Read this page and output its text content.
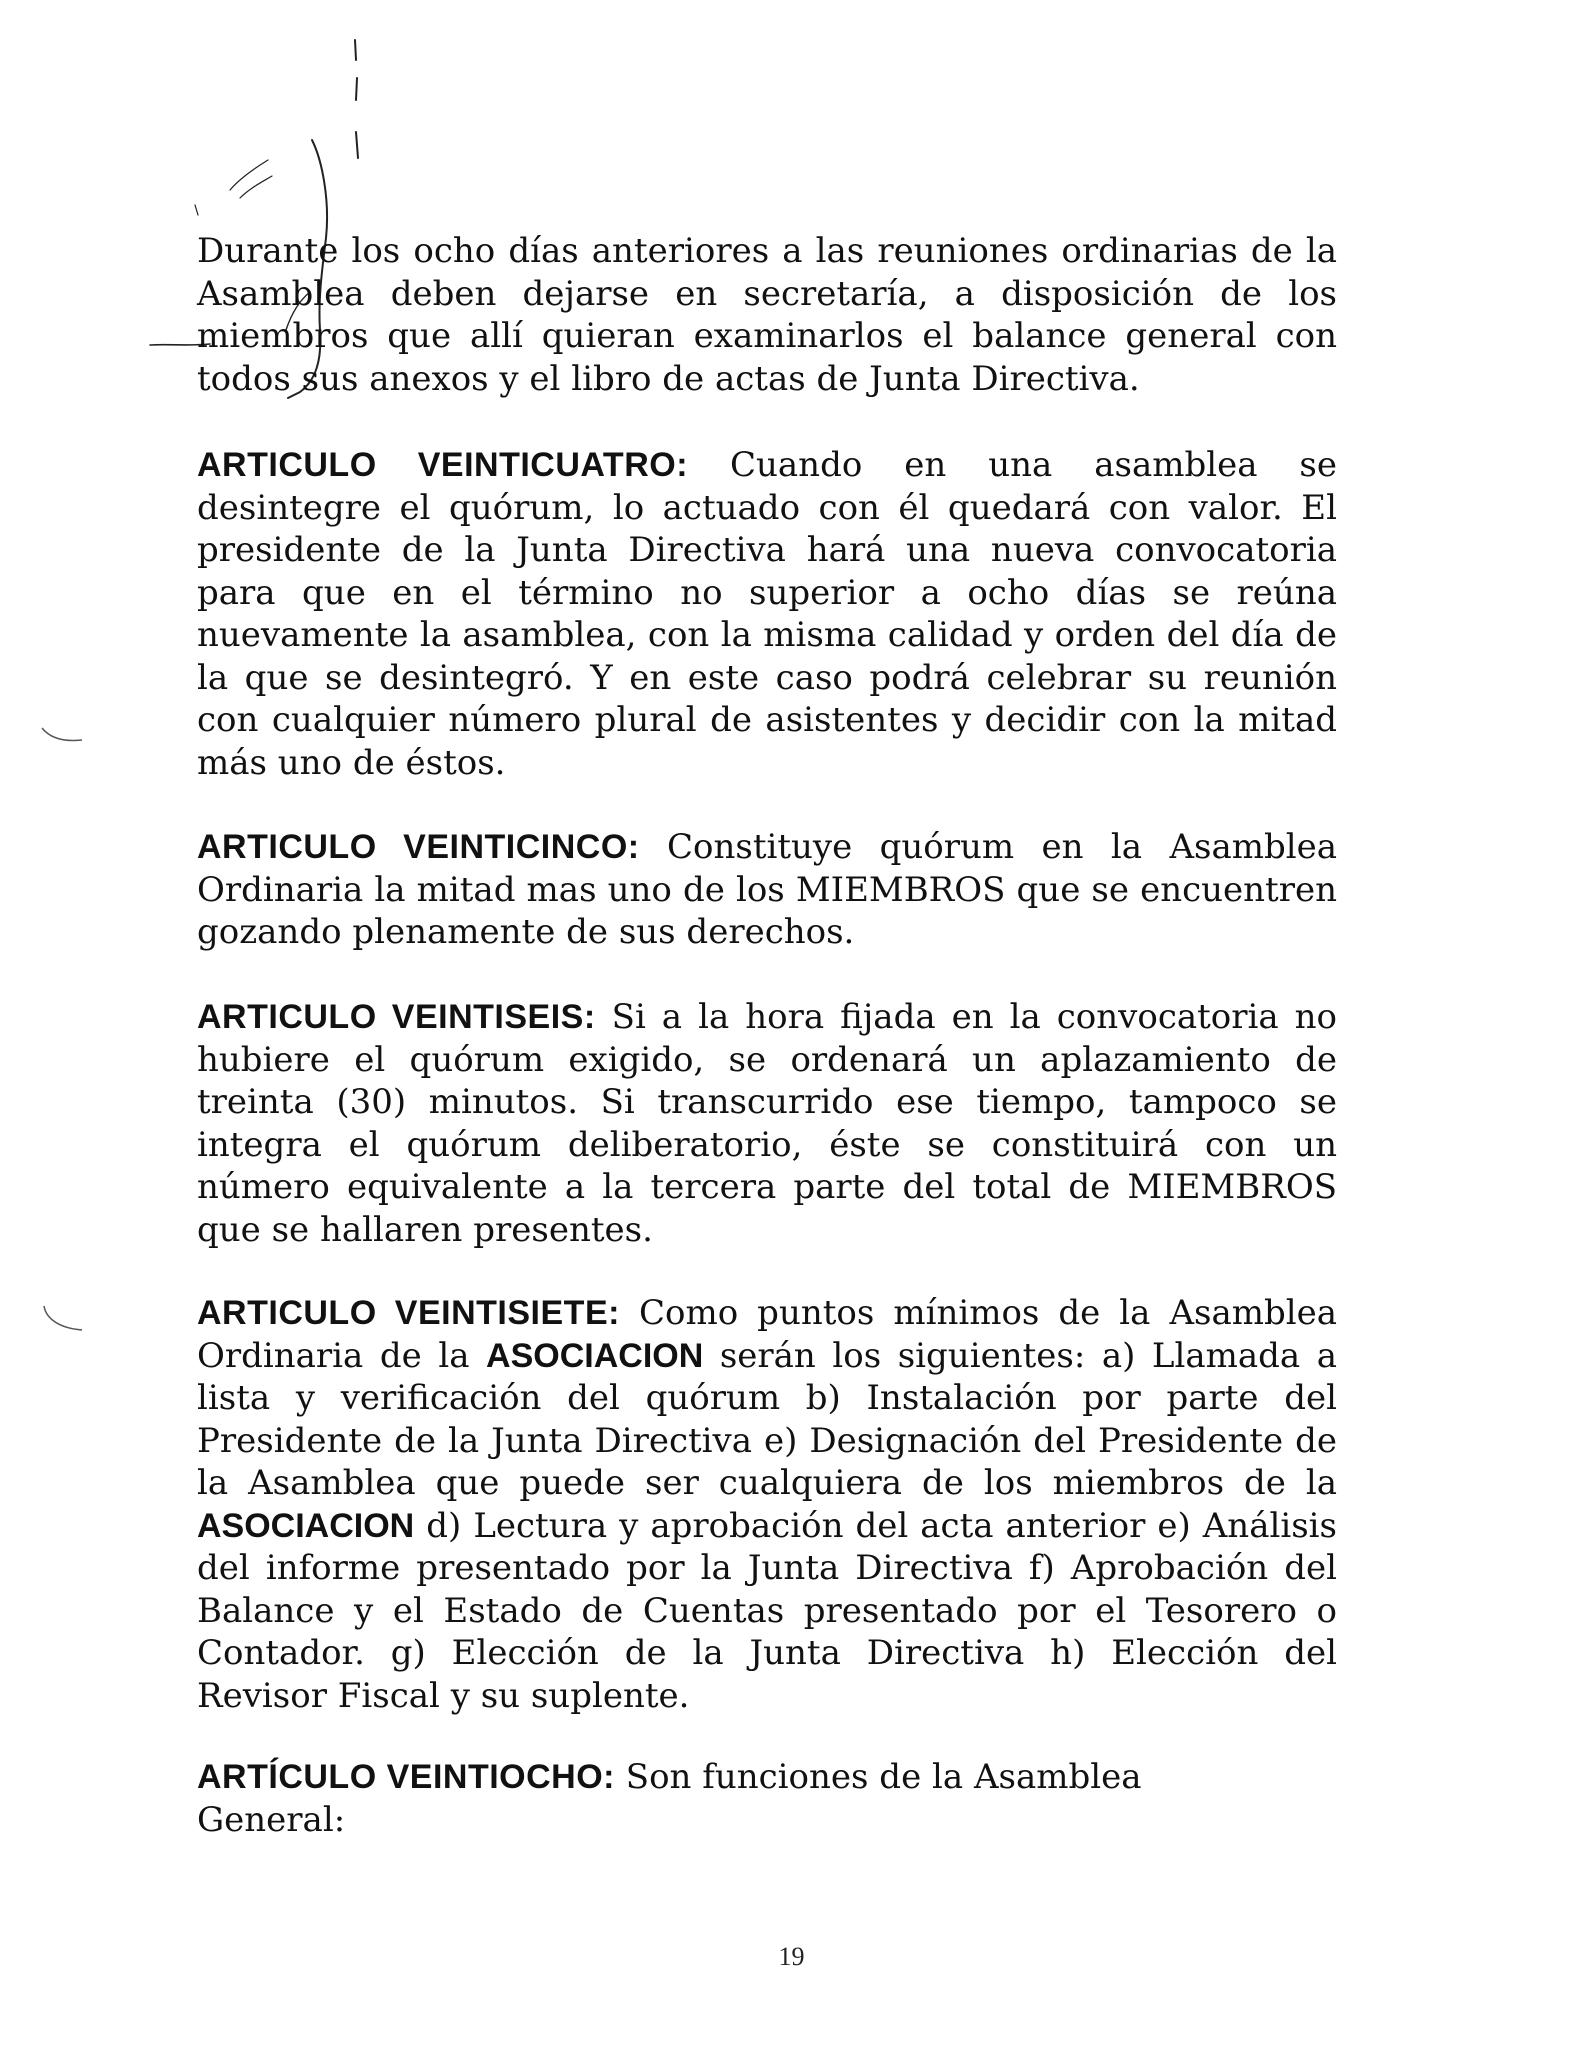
Durante los ocho días anteriores a las reuniones ordinarias de la Asamblea deben dejarse en secretaría, a disposición de los miembros que allí quieran examinarlos el balance general con todos sus anexos y el libro de actas de Junta Directiva.

ARTICULO VEINTICUATRO: Cuando en una asamblea se desintegre el quórum, lo actuado con él quedará con valor. El presidente de la Junta Directiva hará una nueva convocatoria para que en el término no superior a ocho días se reúna nuevamente la asamblea, con la misma calidad y orden del día de la que se desintegró. Y en este caso podrá celebrar su reunión con cualquier número plural de asistentes y decidir con la mitad más uno de éstos.

ARTICULO VEINTICINCO: Constituye quórum en la Asamblea Ordinaria la mitad mas uno de los MIEMBROS que se encuentren gozando plenamente de sus derechos.

ARTICULO VEINTISEIS: Si a la hora fijada en la convocatoria no hubiere el quórum exigido, se ordenará un aplazamiento de treinta (30) minutos. Si transcurrido ese tiempo, tampoco se integra el quórum deliberatorio, éste se constituirá con un número equivalente a la tercera parte del total de MIEMBROS que se hallaren presentes.

ARTICULO VEINTISIETE: Como puntos mínimos de la Asamblea Ordinaria de la ASOCIACION serán los siguientes: a) Llamada a lista y verificación del quórum b) Instalación por parte del Presidente de la Junta Directiva e) Designación del Presidente de la Asamblea que puede ser cualquiera de los miembros de la ASOCIACION d) Lectura y aprobación del acta anterior e) Análisis del informe presentado por la Junta Directiva f) Aprobación del Balance y el Estado de Cuentas presentado por el Tesorero o Contador. g) Elección de la Junta Directiva h) Elección del Revisor Fiscal y su suplente.

ARTÍCULO VEINTIOCHO: Son funciones de la Asamblea General:

19
